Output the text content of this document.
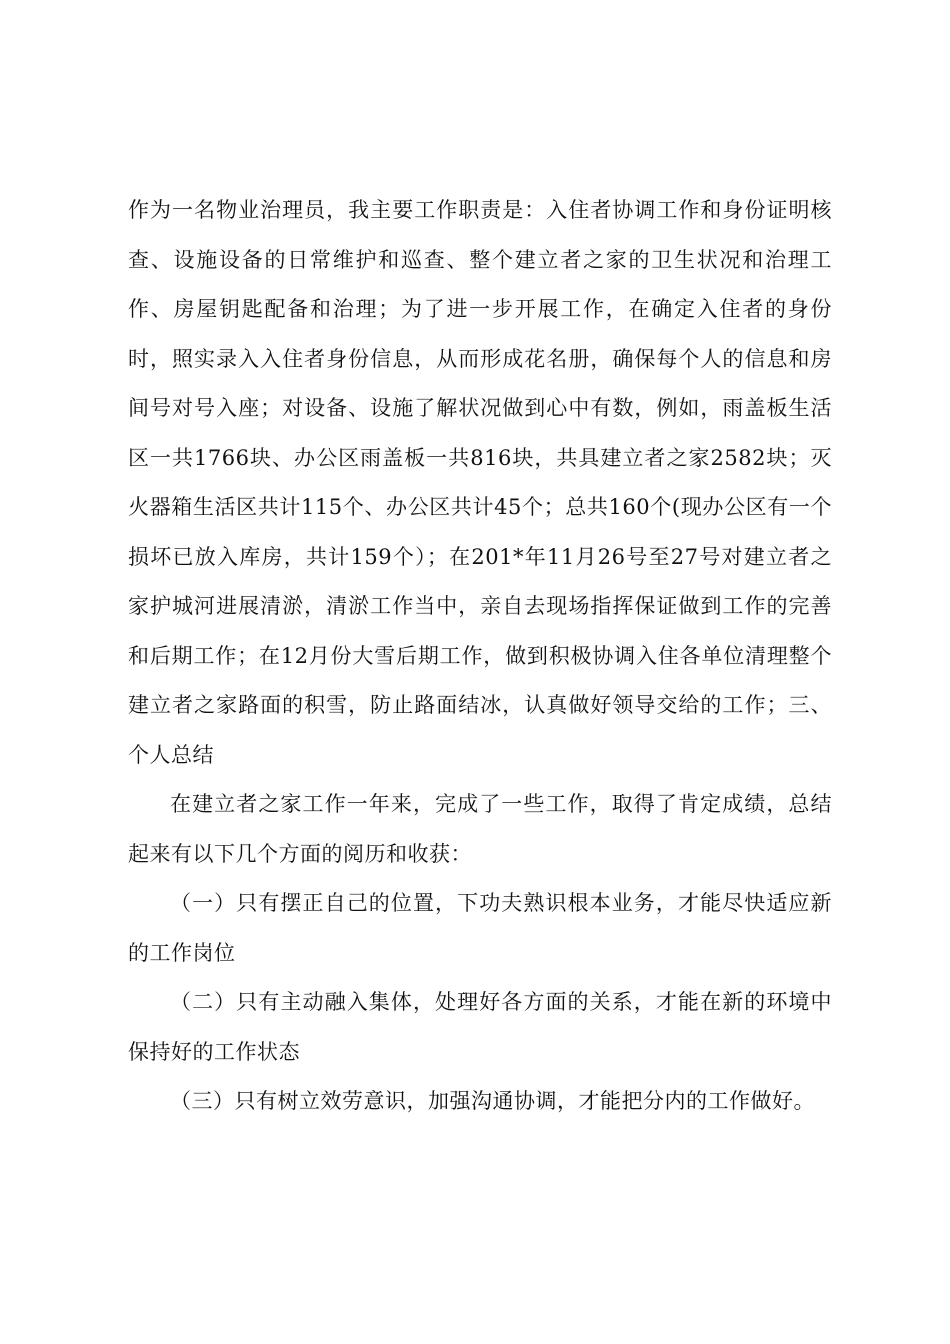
作为一名物业治理员，我主要工作职责是：入住者协调工作和身份证明核查、设施设备的日常维护和巡查、整个建立者之家的卫生状况和治理工作、房屋钥匙配备和治理；为了进一步开展工作，在确定入住者的身份时，照实录入入住者身份信息，从而形成花名册，确保每个人的信息和房间号对号入座；对设备、设施了解状况做到心中有数，例如，雨盖板生活区一共1766块、办公区雨盖板一共816块，共具建立者之家2582块；灭火器箱生活区共计115个、办公区共计45个；总共160个(现办公区有一个损坏已放入库房，共计159个）；在201*年11月26号至27号对建立者之家护城河进展清淤，清淤工作当中，亲自去现场指挥保证做到工作的完善和后期工作；在12月份大雪后期工作，做到积极协调入住各单位清理整个建立者之家路面的积雪，防止路面结冰，认真做好领导交给的工作；三、个人总结

在建立者之家工作一年来，完成了一些工作，取得了肯定成绩，总结起来有以下几个方面的阅历和收获：

（一）只有摆正自己的位置，下功夫熟识根本业务，才能尽快适应新的工作岗位

（二）只有主动融入集体，处理好各方面的关系，才能在新的环境中保持好的工作状态

（三）只有树立效劳意识，加强沟通协调，才能把分内的工作做好。
